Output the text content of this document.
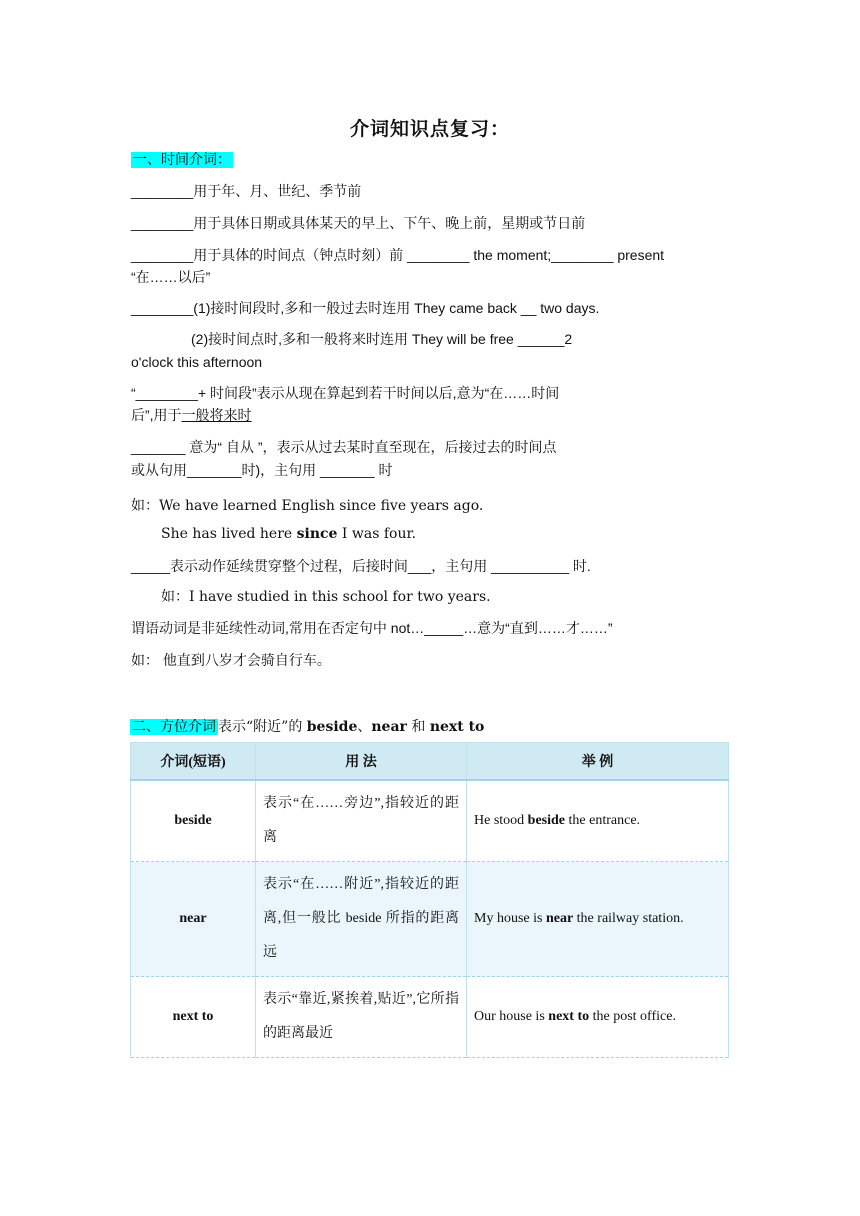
介词知识点复习：
一、时间介词：
________用于年、月、世纪、季节前
________用于具体日期或具体某天的早上、下午、晚上前，星期或节日前
________用于具体的时间点（钟点时刻）前 ________ the moment;________ present
“在……以后”
________(1)接时间段时,多和一般过去时连用 They came back __ two days.
(2)接时间点时,多和一般将来时连用 They will be free ______2
o'clock this afternoon
“________+ 时间段”表示从现在算起到若干时间以后,意为“在……时间
后”,用于一般将来时
_______ 意为“ 自从 ”，表示从过去某时直至现在，后接过去的时间点
或从句用_______时)，主句用 _______ 时
如：We have learned English since five years ago.
She has lived here since I was four.
_____表示动作延续贯穿整个过程，后接时间___，主句用 __________ 时.
如：I have studied in this school for two years.
谓语动词是非延续性动词,常用在否定句中 not…_____…意为“直到……才……”
如： 他直到八岁才会骑自行车。
二、方位介词 表示“附近”的 beside、near 和 next to
介词(短语)	用 法	举 例
beside	表示“在……旁边”,指较近的距离	He stood beside the entrance.
near	表示“在……附近”,指较近的距离,但一般比 beside 所指的距离远	My house is near the railway station.
next to	表示“靠近,紧挨着,贴近”,它所指的距离最近	Our house is next to the post office.
